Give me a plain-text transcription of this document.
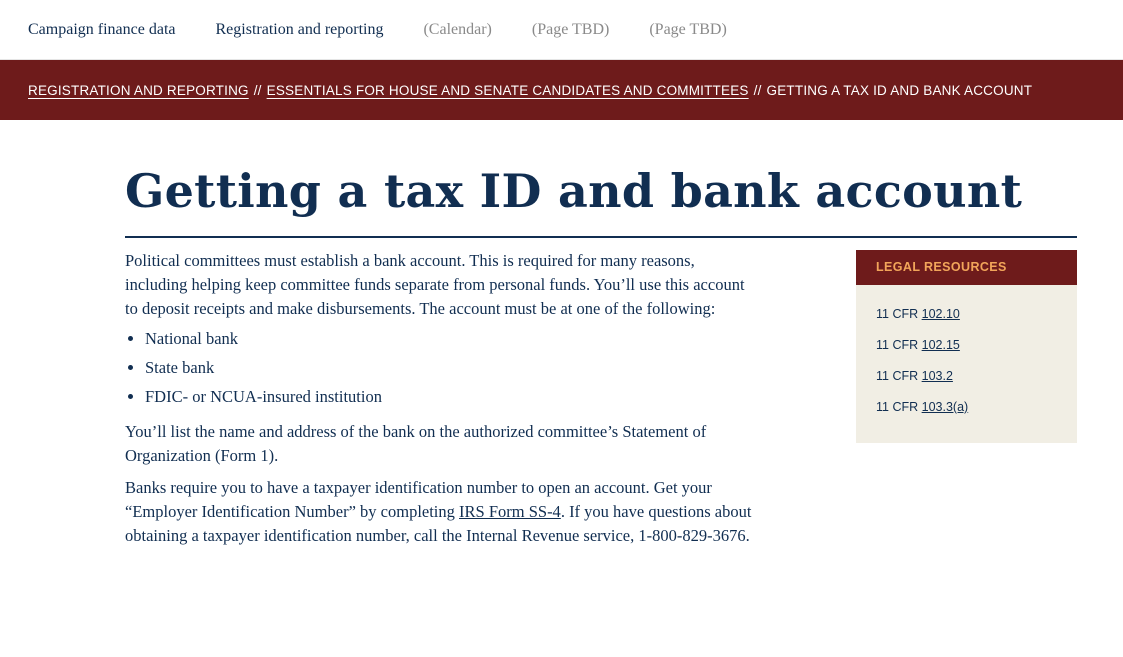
Campaign finance data	Registration and reporting	(Calendar)	(Page TBD)	(Page TBD)
REGISTRATION AND REPORTING // ESSENTIALS FOR HOUSE AND SENATE CANDIDATES AND COMMITTEES // GETTING A TAX ID AND BANK ACCOUNT
Getting a tax ID and bank account

Political committees must establish a bank account. This is required for many reasons, including helping keep committee funds separate from personal funds. You’ll use this account to deposit receipts and make disbursements. The account must be at one of the following:

• National bank
• State bank
• FDIC- or NCUA-insured institution

You’ll list the name and address of the bank on the authorized committee’s Statement of Organization (Form 1).

Banks require you to have a taxpayer identification number to open an account. Get your “Employer Identification Number” by completing IRS Form SS-4. If you have questions about obtaining a taxpayer identification number, call the Internal Revenue service, 1-800-829-3676.

LEGAL RESOURCES
11 CFR 102.10
11 CFR 102.15
11 CFR 103.2
11 CFR 103.3(a)
